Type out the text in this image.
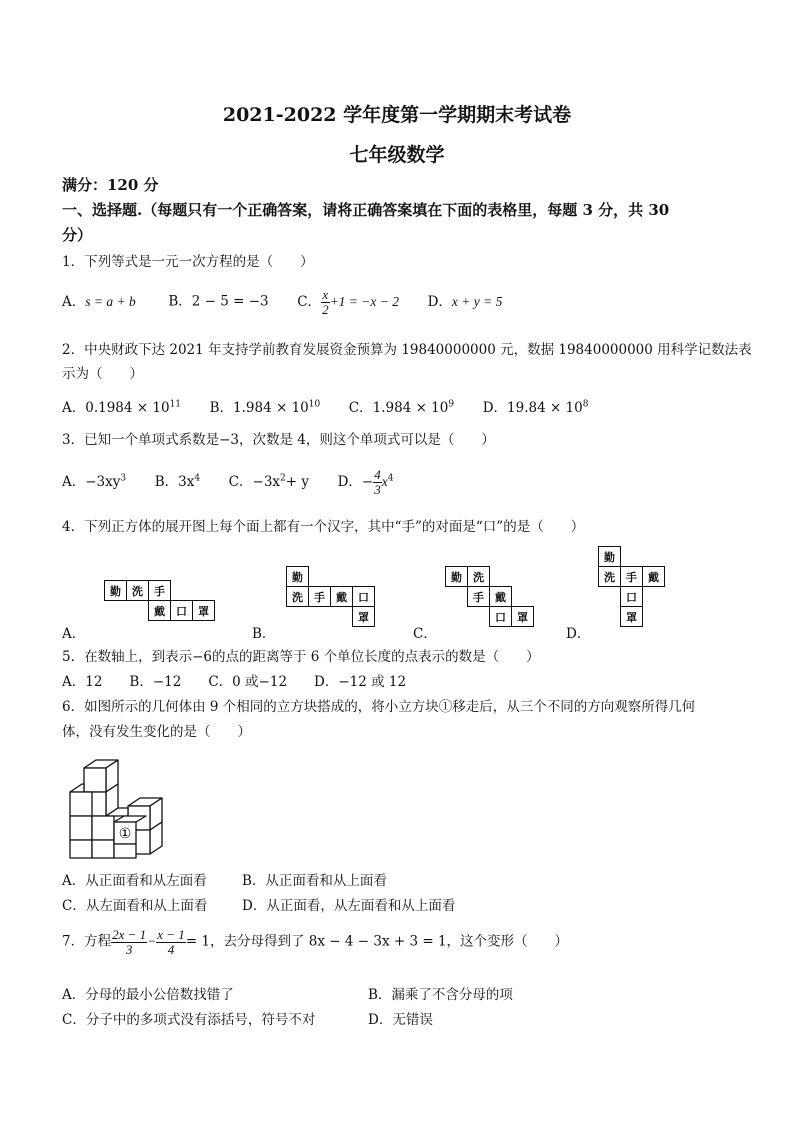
2021-2022 学年度第一学期期末考试卷
七年级数学
满分：120 分
一、选择题.（每题只有一个正确答案，请将正确答案填在下面的表格里，每题 3 分，共 30
分）
1．下列等式是一元一次方程的是（　　）
A．s = a + b B．2 − 5 = −3 C． $\frac{x}{2} +1 = -x - 2$ D．x + y = 5
2．中央财政下达 2021 年支持学前教育发展资金预算为 19840000000 元，数据 19840000000 用科学记数法表
示为（　　）
A．$0.1984 \times 10^{11}$ B．$1.984 \times 10^{10}$ C．$1.984 \times 10^9$ D．$19.84 \times 10^8$
3．已知一个单项式系数是−3，次数是 4，则这个单项式可以是（　　）
A．$-3xy^3$ B．$3x^4$ C．$-3x^2+ y$ D．− $\frac{4}{3} x^4$
4．下列正方体的展开图上每个面上都有一个汉字，其中“手”的对面是“口”的是（　　）
勤	洗	手
戴	口	罩
A．
勤
洗	手	戴	口
罩
B．
勤	洗
手	戴
口	罩
C．
勤
洗	手	戴
口
罩
D．
5．在数轴上，到表示−6的点的距离等于 6 个单位长度的点表示的数是（　　）
A．12　　B．−12　　C．0 或−12　　D．−12 或 12
6．如图所示的几何体由 9 个相同的立方块搭成的，将小立方块①移走后，从三个不同的方向观察所得几何
体，没有发生变化的是（　　）
①
A．从正面看和从左面看	B．从正面看和从上面看
C．从左面看和从上面看	D．从正面看，从左面看和从上面看
7．方程 $\frac{2x - 1}{3} - \frac{x - 1}{4} = 1$，去分母得到了 8x − 4 − 3x + 3 = 1，这个变形（　　）
A．分母的最小公倍数找错了	B．漏乘了不含分母的项
C．分子中的多项式没有添括号，符号不对	D．无错误
